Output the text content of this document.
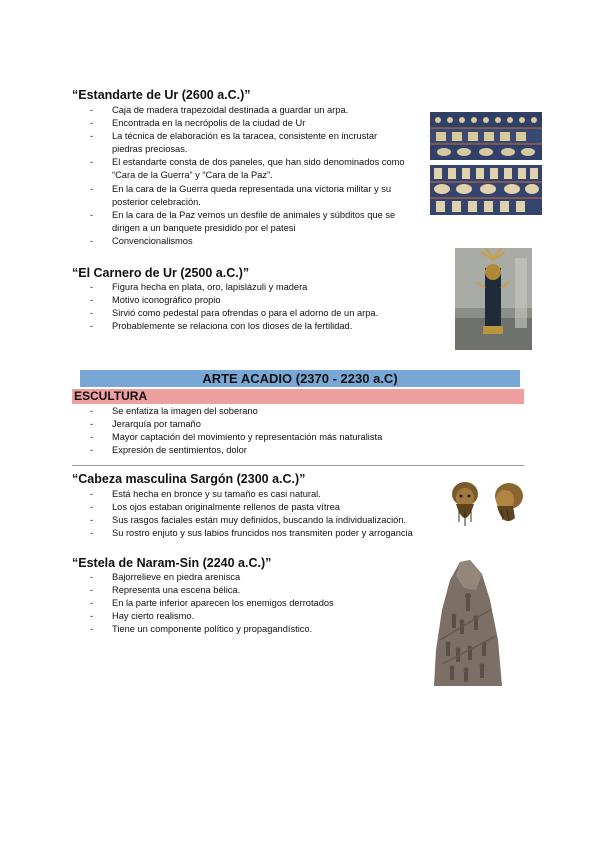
“Estandarte de Ur (2600 a.C.)”
- Caja de madera trapezoidal destinada a guardar un arpa.
- Encontrada en la necrópolis de la ciudad de Ur
- La técnica de elaboración es la taracea, consistente en incrustar piedras preciosas.
- El estandarte consta de dos paneles, que han sido denominados como “Cara de la Guerra” y “Cara de la Paz”.
- En la cara de la Guerra queda representada una victoria militar y su posterior celebración.
- En la cara de la Paz vemos un desfile de animales y súbditos que se dirigen a un banquete presidido por el patesi
- Convencionalismos
“El Carnero de Ur (2500 a.C.)”
- Figura hecha en plata, oro, lapislázuli y madera
- Motivo iconográfico propio
- Sirvió como pedestal para ofrendas o para el adorno de un arpa.
- Probablemente se relaciona con los dioses de la fertilidad.
ARTE ACADIO (2370 - 2230 a.C)
ESCULTURA
- Se enfatiza la imagen del soberano
- Jerarquía por tamaño
- Mayor captación del movimiento y representación más naturalista
- Expresión de sentimientos, dolor
“Cabeza masculina Sargón (2300 a.C.)”
- Está hecha en bronce y su tamaño es casi natural.
- Los ojos estaban originalmente rellenos de pasta vítrea
- Sus rasgos faciales están muy definidos, buscando la individualización.
- Su rostro enjuto y sus labios fruncidos nos transmiten poder y arrogancia
“Estela de Naram-Sin (2240 a.C.)”
- Bajorrelieve en piedra arenisca
- Representa una escena bélica.
- En la parte inferior aparecen los enemigos derrotados
- Hay cierto realismo.
- Tiene un componente político y propagandístico.
